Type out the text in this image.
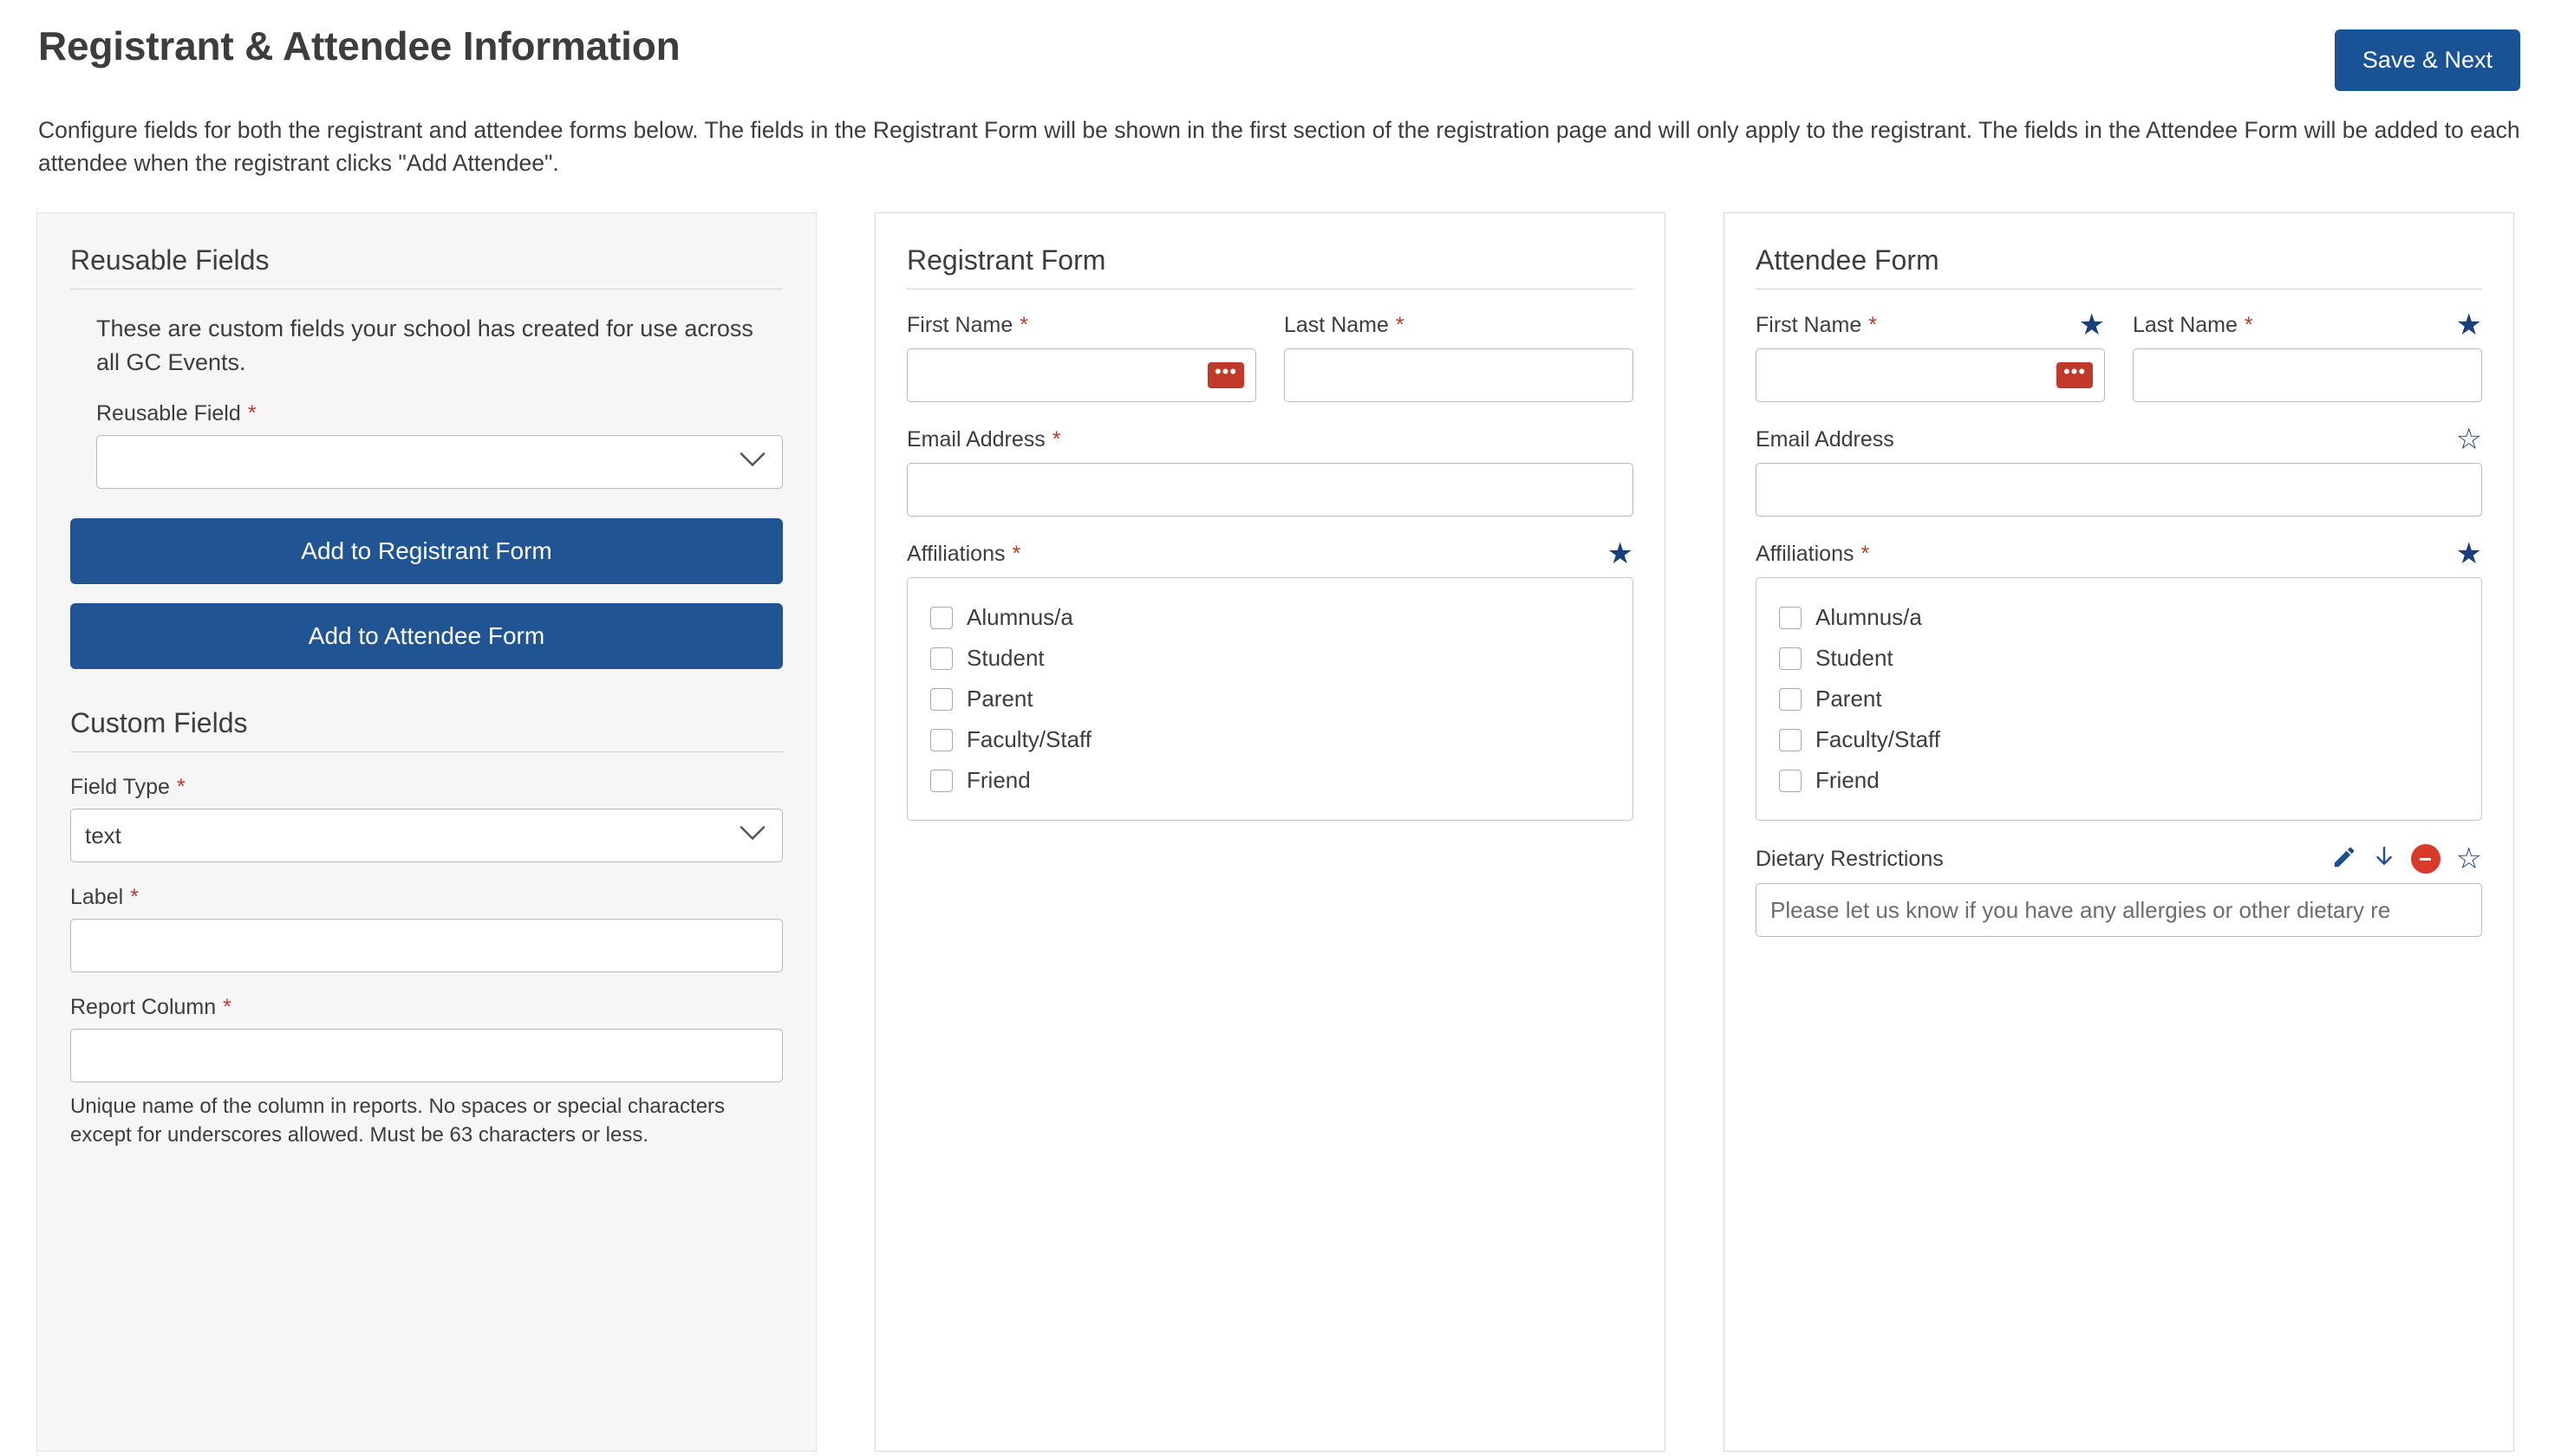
Registrant & Attendee Information	Save & Next

Configure fields for both the registrant and attendee forms below. The fields in the Registrant Form will be shown in the first section of the registration page and will only apply to the registrant. The fields in the Attendee Form will be added to each attendee when the registrant clicks "Add Attendee".

Reusable Fields
These are custom fields your school has created for use across all GC Events.
Reusable Field *
Add to Registrant Form
Add to Attendee Form
Custom Fields
Field Type *
text
Label *
Report Column *
Unique name of the column in reports. No spaces or special characters except for underscores allowed. Must be 63 characters or less.
Registrant Form
First Name *
•••
Last Name *
Email Address *
Affiliations *	★
Alumnus/a
Student
Parent
Faculty/Staff
Friend
Attendee Form
First Name *	★
•••
Last Name *	★
Email Address	☆
Affiliations *	★
Alumnus/a
Student
Parent
Faculty/Staff
Friend
Dietary Restrictions	− ☆
Please let us know if you have any allergies or other dietary re
